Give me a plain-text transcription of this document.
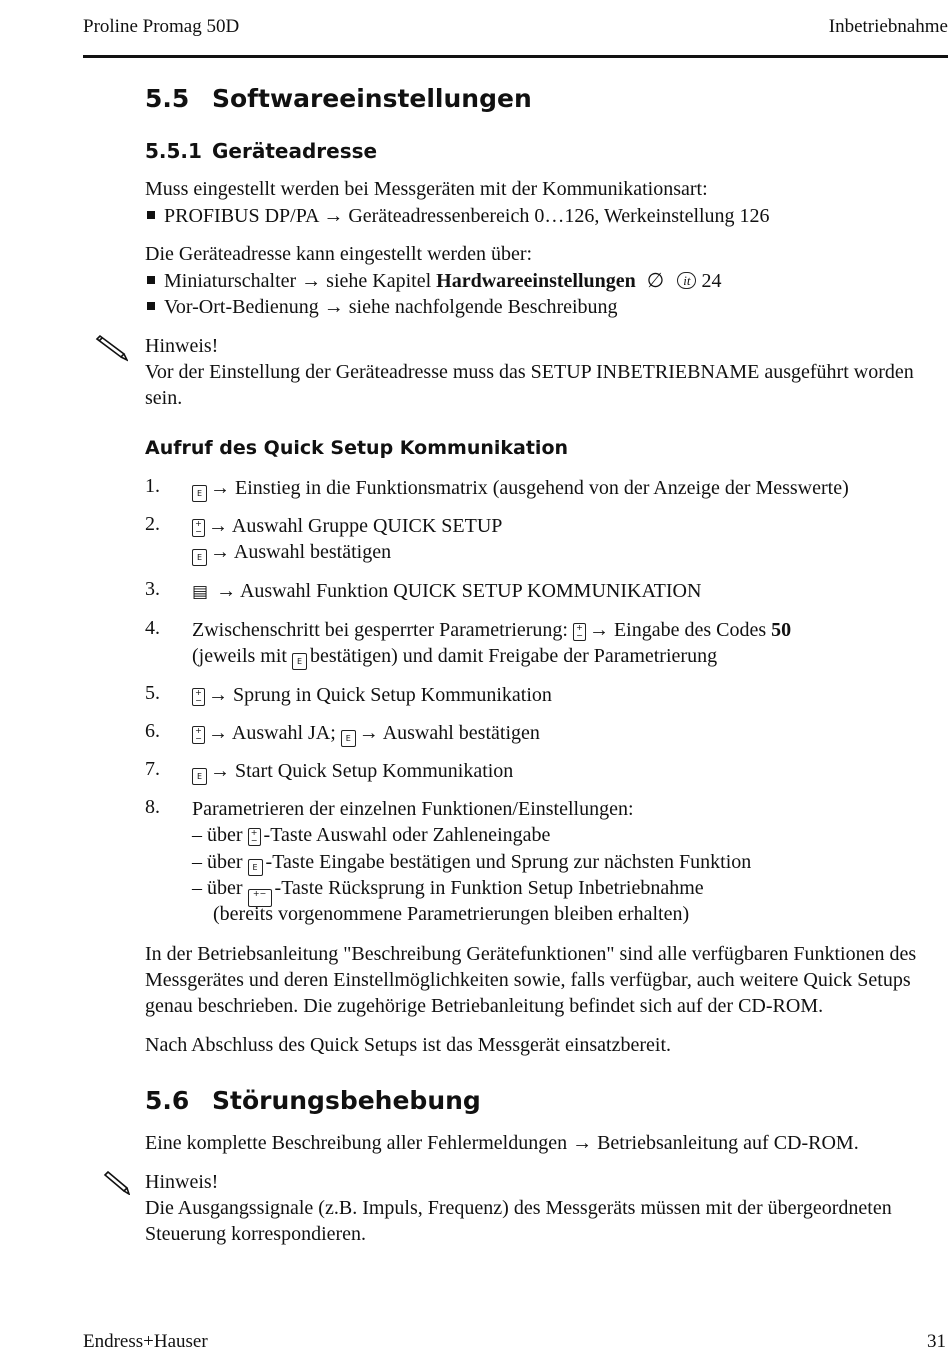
Proline Promag 50D	Inbetriebnahme
5.5 Softwareeinstellungen
5.5.1 Geräteadresse
Muss eingestellt werden bei Messgeräten mit der Kommunikationsart:
PROFIBUS DP/PA → Geräteadressenbereich 0…126, Werkeinstellung 126
Die Geräteadresse kann eingestellt werden über:
Miniaturschalter → siehe Kapitel Hardwareeinstellungen ∅ it 24
Vor-Ort-Bedienung → siehe nachfolgende Beschreibung
Hinweis!
Vor der Einstellung der Geräteadresse muss das SETUP INBETRIEBNAME ausgeführt worden
sein.
Aufruf des Quick Setup Kommunikation
1.	E → Einstieg in die Funktionsmatrix (ausgehend von der Anzeige der Messwerte)
2.	+
− → Auswahl Gruppe QUICK SETUP
E → Auswahl bestätigen
3. ▤ → Auswahl Funktion QUICK SETUP KOMMUNIKATION
4. Zwischenschritt bei gesperrter Parametrierung: +
− → Eingabe des Codes 50
(jeweils mit E bestätigen) und damit Freigabe der Parametrierung
5.	+
− → Sprung in Quick Setup Kommunikation
6.	+
− → Auswahl JA; E → Auswahl bestätigen
7.	E → Start Quick Setup Kommunikation
8. Parametrieren der einzelnen Funktionen/Einstellungen:
– über +
− -Taste Auswahl oder Zahleneingabe
– über E -Taste Eingabe bestätigen und Sprung zur nächsten Funktion
– über +− -Taste Rücksprung in Funktion Setup Inbetriebnahme
(bereits vorgenommene Parametrierungen bleiben erhalten)
In der Betriebsanleitung "Beschreibung Gerätefunktionen" sind alle verfügbaren Funktionen des
Messgerätes und deren Einstellmöglichkeiten sowie, falls verfügbar, auch weitere Quick Setups
genau beschrieben. Die zugehörige Betriebanleitung befindet sich auf der CD-ROM.
Nach Abschluss des Quick Setups ist das Messgerät einsatzbereit.
5.6 Störungsbehebung
Eine komplette Beschreibung aller Fehlermeldungen → Betriebsanleitung auf CD-ROM.
Hinweis!
Die Ausgangssignale (z.B. Impuls, Frequenz) des Messgeräts müssen mit der übergeordneten
Steuerung korrespondieren.
Endress+Hauser	31
